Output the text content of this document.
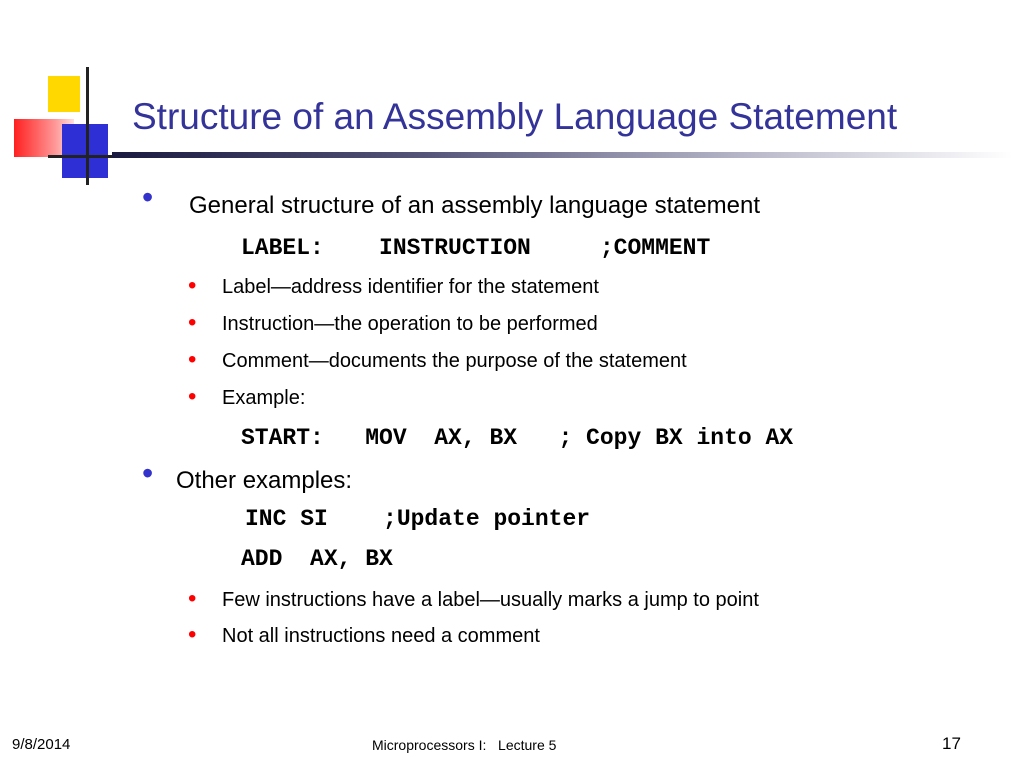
Structure of an Assembly Language Statement
• General structure of an assembly language statement
LABEL:    INSTRUCTION     ;COMMENT
• Label—address identifier for the statement
• Instruction—the operation to be performed
• Comment—documents the purpose of the statement
• Example:
START:   MOV  AX, BX   ; Copy BX into AX
• Other examples:
INC SI    ;Update pointer
ADD  AX, BX
• Few instructions have a label—usually marks a jump to point
• Not all instructions need a comment
9/8/2014	Microprocessors I:   Lecture 5	17
